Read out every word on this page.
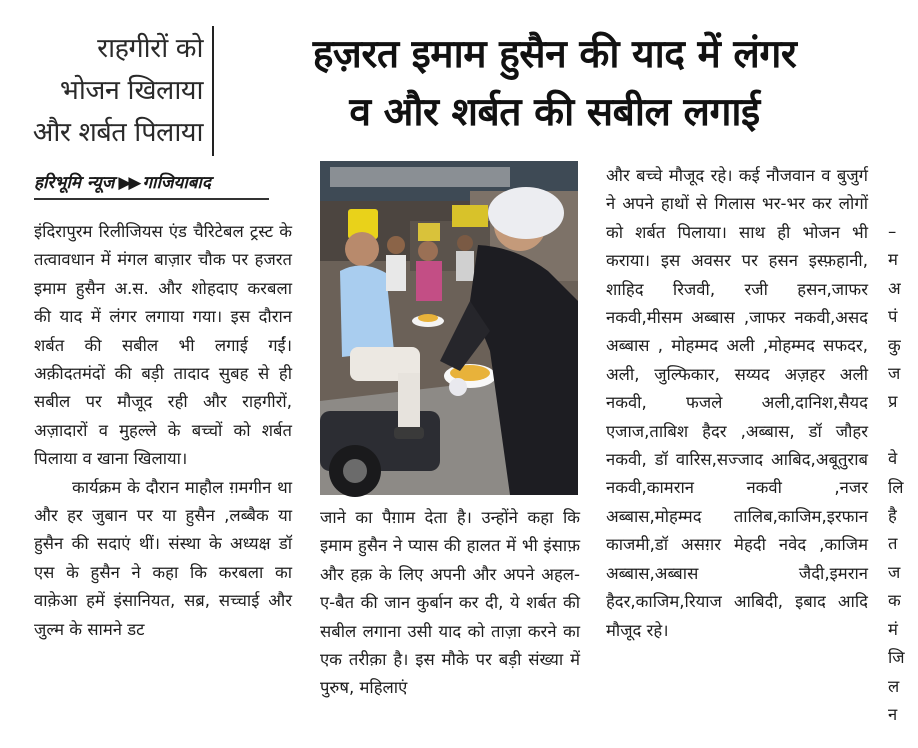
राहगीरों को
भोजन खिलाया
और शर्बत पिलाया
हज़रत इमाम हुसैन की याद में लंगर
व और शर्बत की सबील लगाई
हरिभूमि न्यूज ▶▶ गाजियाबाद

इंदिरापुरम रिलीजियस एंड चैरिटेबल ट्रस्ट के तत्वावधान में मंगल बाज़ार चौक पर हजरत इमाम हुसैन अ.स. और शोहदाए करबला की याद में लंगर लगाया गया। इस दौरान शर्बत की सबील भी लगाई गईं। अक़ीदतमंदों की बड़ी तादाद सुबह से ही सबील पर मौजूद रही और राहगीरों, अज़ादारों व मुहल्ले के बच्चों को शर्बत पिलाया व खाना खिलाया।

कार्यक्रम के दौरान माहौल ग़मगीन था और हर जुबान पर या हुसैन ,लब्बैक या हुसैन की सदाएं थीं। संस्था के अध्यक्ष डॉ एस के हुसैन ने कहा कि करबला का वाक़ेआ हमें इंसानियत, सब्र, सच्चाई और जुल्म के सामने डट

जाने का पैग़ाम देता है। उन्होंने कहा कि इमाम हुसैन ने प्यास की हालत में भी इंसाफ़ और हक़ के लिए अपनी और अपने अहल-ए-बैत की जान कुर्बान कर दी, ये शर्बत की सबील लगाना उसी याद को ताज़ा करने का एक तरीक़ा है। इस मौके पर बड़ी संख्या में पुरुष, महिलाएं

और बच्चे मौजूद रहे। कई नौजवान व बुजुर्ग ने अपने हाथों से गिलास भर-भर कर लोगों को शर्बत पिलाया। साथ ही भोजन भी कराया। इस अवसर पर हसन इस्फ़हानी, शाहिद रिजवी, रजी हसन,जाफर नकवी,मीसम अब्बास ,जाफर नकवी,असद अब्बास , मोहम्मद अली ,मोहम्मद सफदर, अली, जुल्फिकार, सय्यद अज़हर अली नकवी, फजले अली,दानिश,सैयद एजाज,ताबिश हैदर ,अब्बास, डॉ जौहर नकवी, डॉ वारिस,सज्जाद आबिद,अबूतुराब नकवी,कामरान नकवी ,नजर अब्बास,मोहम्मद तालिब,काजिम,इरफान काजमी,डॉ असग़र मेहदी नवेद ,काजिम अब्बास,अब्बास जैदी,इमरान हैदर,काजिम,रियाज आबिदी, इबाद आदि मौजूद रहे।

–
म
अ
पं
कु
ज
प्र

वे
लि
है
त
ज
क
मं
जि
ल
न
